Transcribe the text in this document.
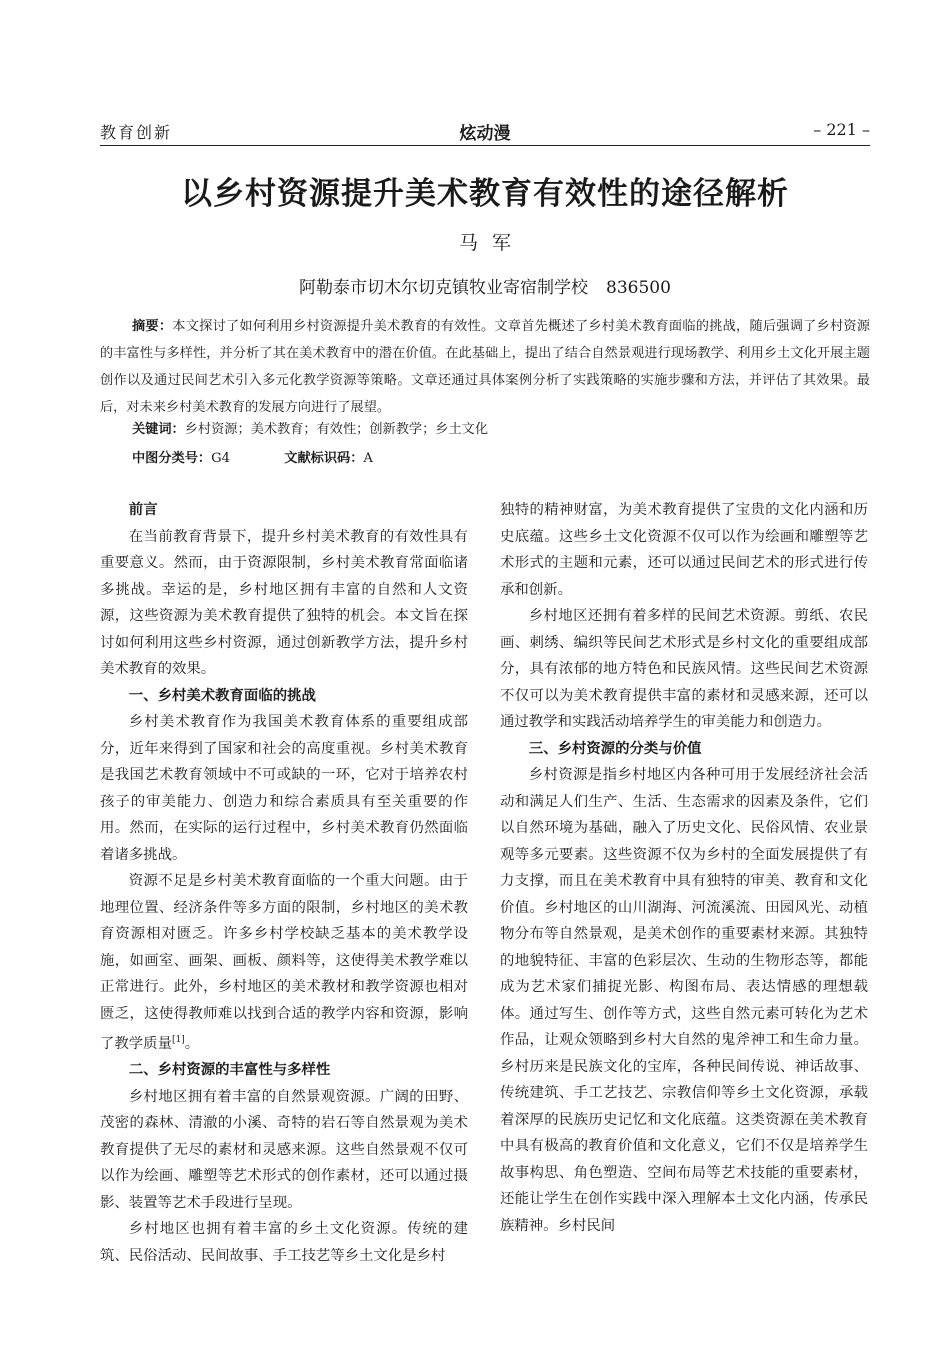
教育创新	炫动漫	– 221 –
以乡村资源提升美术教育有效性的途径解析
马军
阿勒泰市切木尔切克镇牧业寄宿制学校 836500
摘要：本文探讨了如何利用乡村资源提升美术教育的有效性。文章首先概述了乡村美术教育面临的挑战，随后强调了乡村资源的丰富性与多样性，并分析了其在美术教育中的潜在价值。在此基础上，提出了结合自然景观进行现场教学、利用乡土文化开展主题创作以及通过民间艺术引入多元化教学资源等策略。文章还通过具体案例分析了实践策略的实施步骤和方法，并评估了其效果。最后，对未来乡村美术教育的发展方向进行了展望。
关键词：乡村资源；美术教育；有效性；创新教学；乡土文化
中图分类号：G4	文献标识码：A
前言

在当前教育背景下，提升乡村美术教育的有效性具有重要意义。然而，由于资源限制，乡村美术教育常面临诸多挑战。幸运的是，乡村地区拥有丰富的自然和人文资源，这些资源为美术教育提供了独特的机会。本文旨在探讨如何利用这些乡村资源，通过创新教学方法，提升乡村美术教育的效果。

一、乡村美术教育面临的挑战

乡村美术教育作为我国美术教育体系的重要组成部分，近年来得到了国家和社会的高度重视。乡村美术教育是我国艺术教育领域中不可或缺的一环，它对于培养农村孩子的审美能力、创造力和综合素质具有至关重要的作用。然而，在实际的运行过程中，乡村美术教育仍然面临着诸多挑战。

资源不足是乡村美术教育面临的一个重大问题。由于地理位置、经济条件等多方面的限制，乡村地区的美术教育资源相对匮乏。许多乡村学校缺乏基本的美术教学设施，如画室、画架、画板、颜料等，这使得美术教学难以正常进行。此外，乡村地区的美术教材和教学资源也相对匮乏，这使得教师难以找到合适的教学内容和资源，影响了教学质量[1]。

二、乡村资源的丰富性与多样性

乡村地区拥有着丰富的自然景观资源。广阔的田野、茂密的森林、清澈的小溪、奇特的岩石等自然景观为美术教育提供了无尽的素材和灵感来源。这些自然景观不仅可以作为绘画、雕塑等艺术形式的创作素材，还可以通过摄影、装置等艺术手段进行呈现。

乡村地区也拥有着丰富的乡土文化资源。传统的建筑、民俗活动、民间故事、手工技艺等乡土文化是乡村

独特的精神财富，为美术教育提供了宝贵的文化内涵和历史底蕴。这些乡土文化资源不仅可以作为绘画和雕塑等艺术形式的主题和元素，还可以通过民间艺术的形式进行传承和创新。

乡村地区还拥有着多样的民间艺术资源。剪纸、农民画、刺绣、编织等民间艺术形式是乡村文化的重要组成部分，具有浓郁的地方特色和民族风情。这些民间艺术资源不仅可以为美术教育提供丰富的素材和灵感来源，还可以通过教学和实践活动培养学生的审美能力和创造力。

三、乡村资源的分类与价值

乡村资源是指乡村地区内各种可用于发展经济社会活动和满足人们生产、生活、生态需求的因素及条件，它们以自然环境为基础，融入了历史文化、民俗风情、农业景观等多元要素。这些资源不仅为乡村的全面发展提供了有力支撑，而且在美术教育中具有独特的审美、教育和文化价值。乡村地区的山川湖海、河流溪流、田园风光、动植物分布等自然景观，是美术创作的重要素材来源。其独特的地貌特征、丰富的色彩层次、生动的生物形态等，都能成为艺术家们捕捉光影、构图布局、表达情感的理想载体。通过写生、创作等方式，这些自然元素可转化为艺术作品，让观众领略到乡村大自然的鬼斧神工和生命力量。乡村历来是民族文化的宝库，各种民间传说、神话故事、传统建筑、手工艺技艺、宗教信仰等乡土文化资源，承载着深厚的民族历史记忆和文化底蕴。这类资源在美术教育中具有极高的教育价值和文化意义，它们不仅是培养学生故事构思、角色塑造、空间布局等艺术技能的重要素材，还能让学生在创作实践中深入理解本土文化内涵，传承民族精神。乡村民间
